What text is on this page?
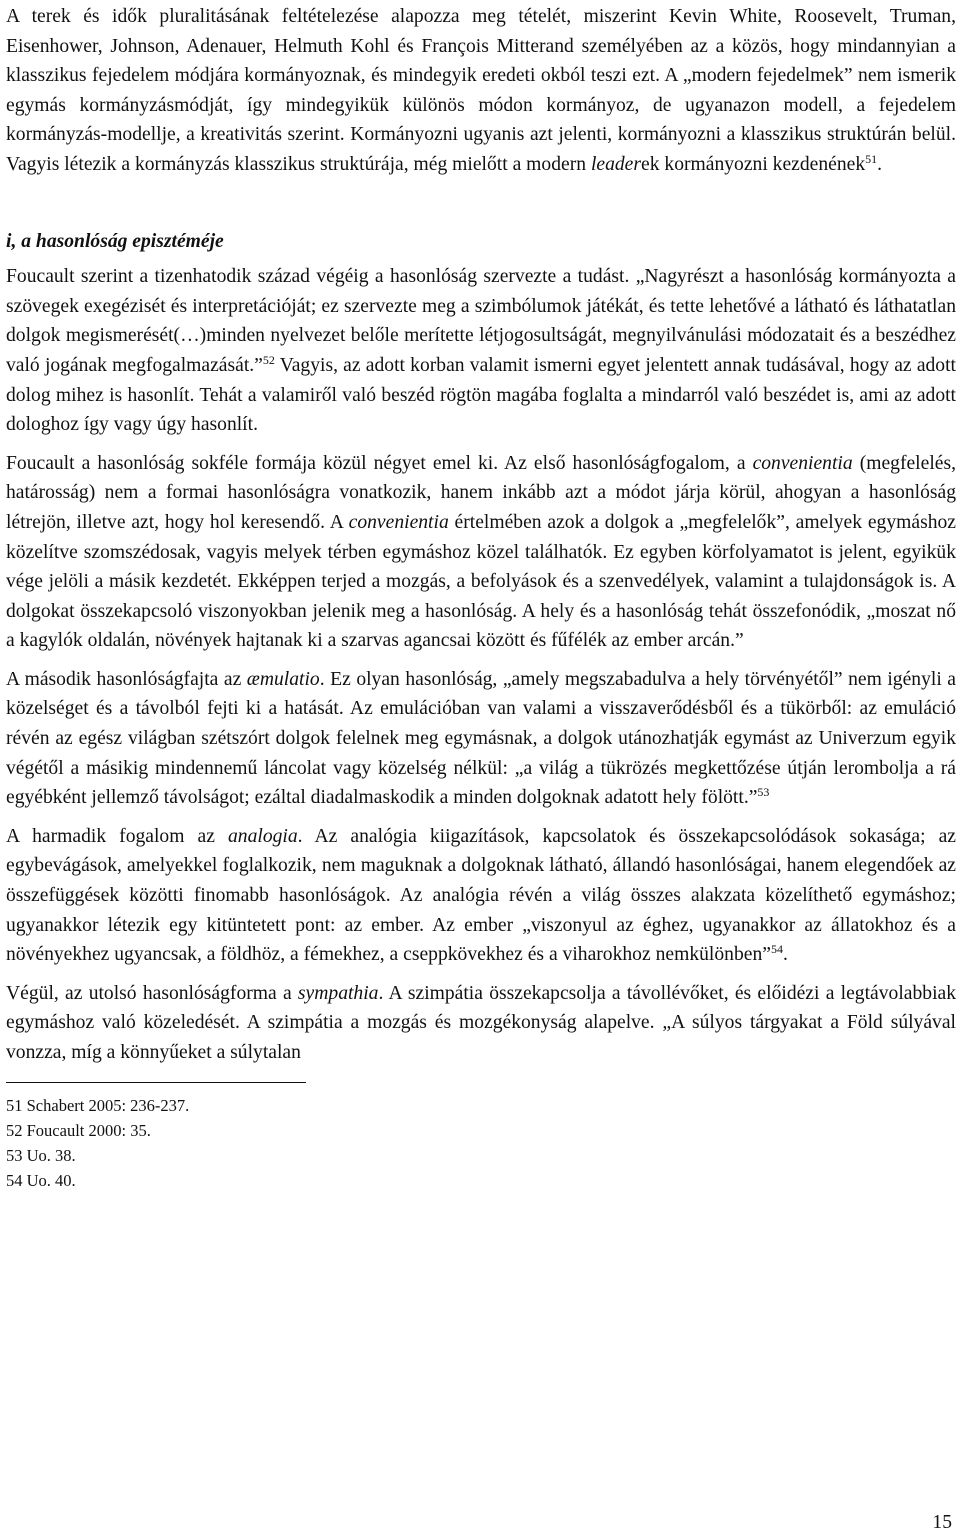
A terek és idők pluralitásának feltételezése alapozza meg tételét, miszerint Kevin White, Roosevelt, Truman, Eisenhower, Johnson, Adenauer, Helmuth Kohl és François Mitterand személyében az a közös, hogy mindannyian a klasszikus fejedelem módjára kormányoznak, és mindegyik eredeti okból teszi ezt. A „modern fejedelmek” nem ismerik egymás kormányzásmódját, így mindegyikük különös módon kormányoz, de ugyanazon modell, a fejedelem kormányzás-modellje, a kreativitás szerint. Kormányozni ugyanis azt jelenti, kormányozni a klasszikus struktúrán belül. Vagyis létezik a kormányzás klasszikus struktúrája, még mielőtt a modern leaderek kormányozni kezdenének$^{51}$.

i, a hasonlóság episztéméje

Foucault szerint a tizenhatodik század végéig a hasonlóság szervezte a tudást. „Nagyrészt a hasonlóság kormányozta a szövegek exegézisét és interpretációját; ez szervezte meg a szimbólumok játékát, és tette lehetővé a látható és láthatatlan dolgok megismerését(…)minden nyelvezet belőle merítette létjogosultságát, megnyilvánulási módozatait és a beszédhez való jogának megfogalmazását.”$^{52}$ Vagyis, az adott korban valamit ismerni egyet jelentett annak tudásával, hogy az adott dolog mihez is hasonlít. Tehát a valamiről való beszéd rögtön magába foglalta a mindarról való beszédet is, ami az adott dologhoz így vagy úgy hasonlít.

Foucault a hasonlóság sokféle formája közül négyet emel ki. Az első hasonlóságfogalom, a convenientia (megfelelés, határosság) nem a formai hasonlóságra vonatkozik, hanem inkább azt a módot járja körül, ahogyan a hasonlóság létrejön, illetve azt, hogy hol keresendő. A convenientia értelmében azok a dolgok a „megfelelők”, amelyek egymáshoz közelítve szomszédosak, vagyis melyek térben egymáshoz közel találhatók. Ez egyben körfolyamatot is jelent, egyikük vége jelöli a másik kezdetét. Ekképpen terjed a mozgás, a befolyások és a szenvedélyek, valamint a tulajdonságok is. A dolgokat összekapcsoló viszonyokban jelenik meg a hasonlóság. A hely és a hasonlóság tehát összefonódik, „moszat nő a kagylók oldalán, növények hajtanak ki a szarvas agancsai között és fűfélék az ember arcán.”

A második hasonlóságfajta az æmulatio. Ez olyan hasonlóság, „amely megszabadulva a hely törvényétől” nem igényli a közelséget és a távolból fejti ki a hatását. Az emulációban van valami a visszaverődésből és a tükörből: az emuláció révén az egész világban szétszórt dolgok felelnek meg egymásnak, a dolgok utánozhatják egymást az Univerzum egyik végétől a másikig mindennemű láncolat vagy közelség nélkül: „a világ a tükrözés megkettőzése útján lerombolja a rá egyébként jellemző távolságot; ezáltal diadalmaskodik a minden dolgoknak adatott hely fölött.”$^{53}$

A harmadik fogalom az analogia. Az analógia kiigazítások, kapcsolatok és összekapcsolódások sokasága; az egybevágások, amelyekkel foglalkozik, nem maguknak a dolgoknak látható, állandó hasonlóságai, hanem elegendőek az összefüggések közötti finomabb hasonlóságok. Az analógia révén a világ összes alakzata közelíthető egymáshoz; ugyanakkor létezik egy kitüntetett pont: az ember. Az ember „viszonyul az éghez, ugyanakkor az állatokhoz és a növényekhez ugyancsak, a földhöz, a fémekhez, a cseppkövekhez és a viharokhoz nemkülönben”$^{54}$.

Végül, az utolsó hasonlóságforma a sympathia. A szimpátia összekapcsolja a távollévőket, és előidézi a legtávolabbiak egymáshoz való közeledését. A szimpátia a mozgás és mozgékonyság alapelve. „A súlyos tárgyakat a Föld súlyával vonzza, míg a könnyűeket a súlytalan

51 Schabert 2005: 236-237.

52 Foucault 2000: 35.

53 Uo. 38.

54 Uo. 40.

15
